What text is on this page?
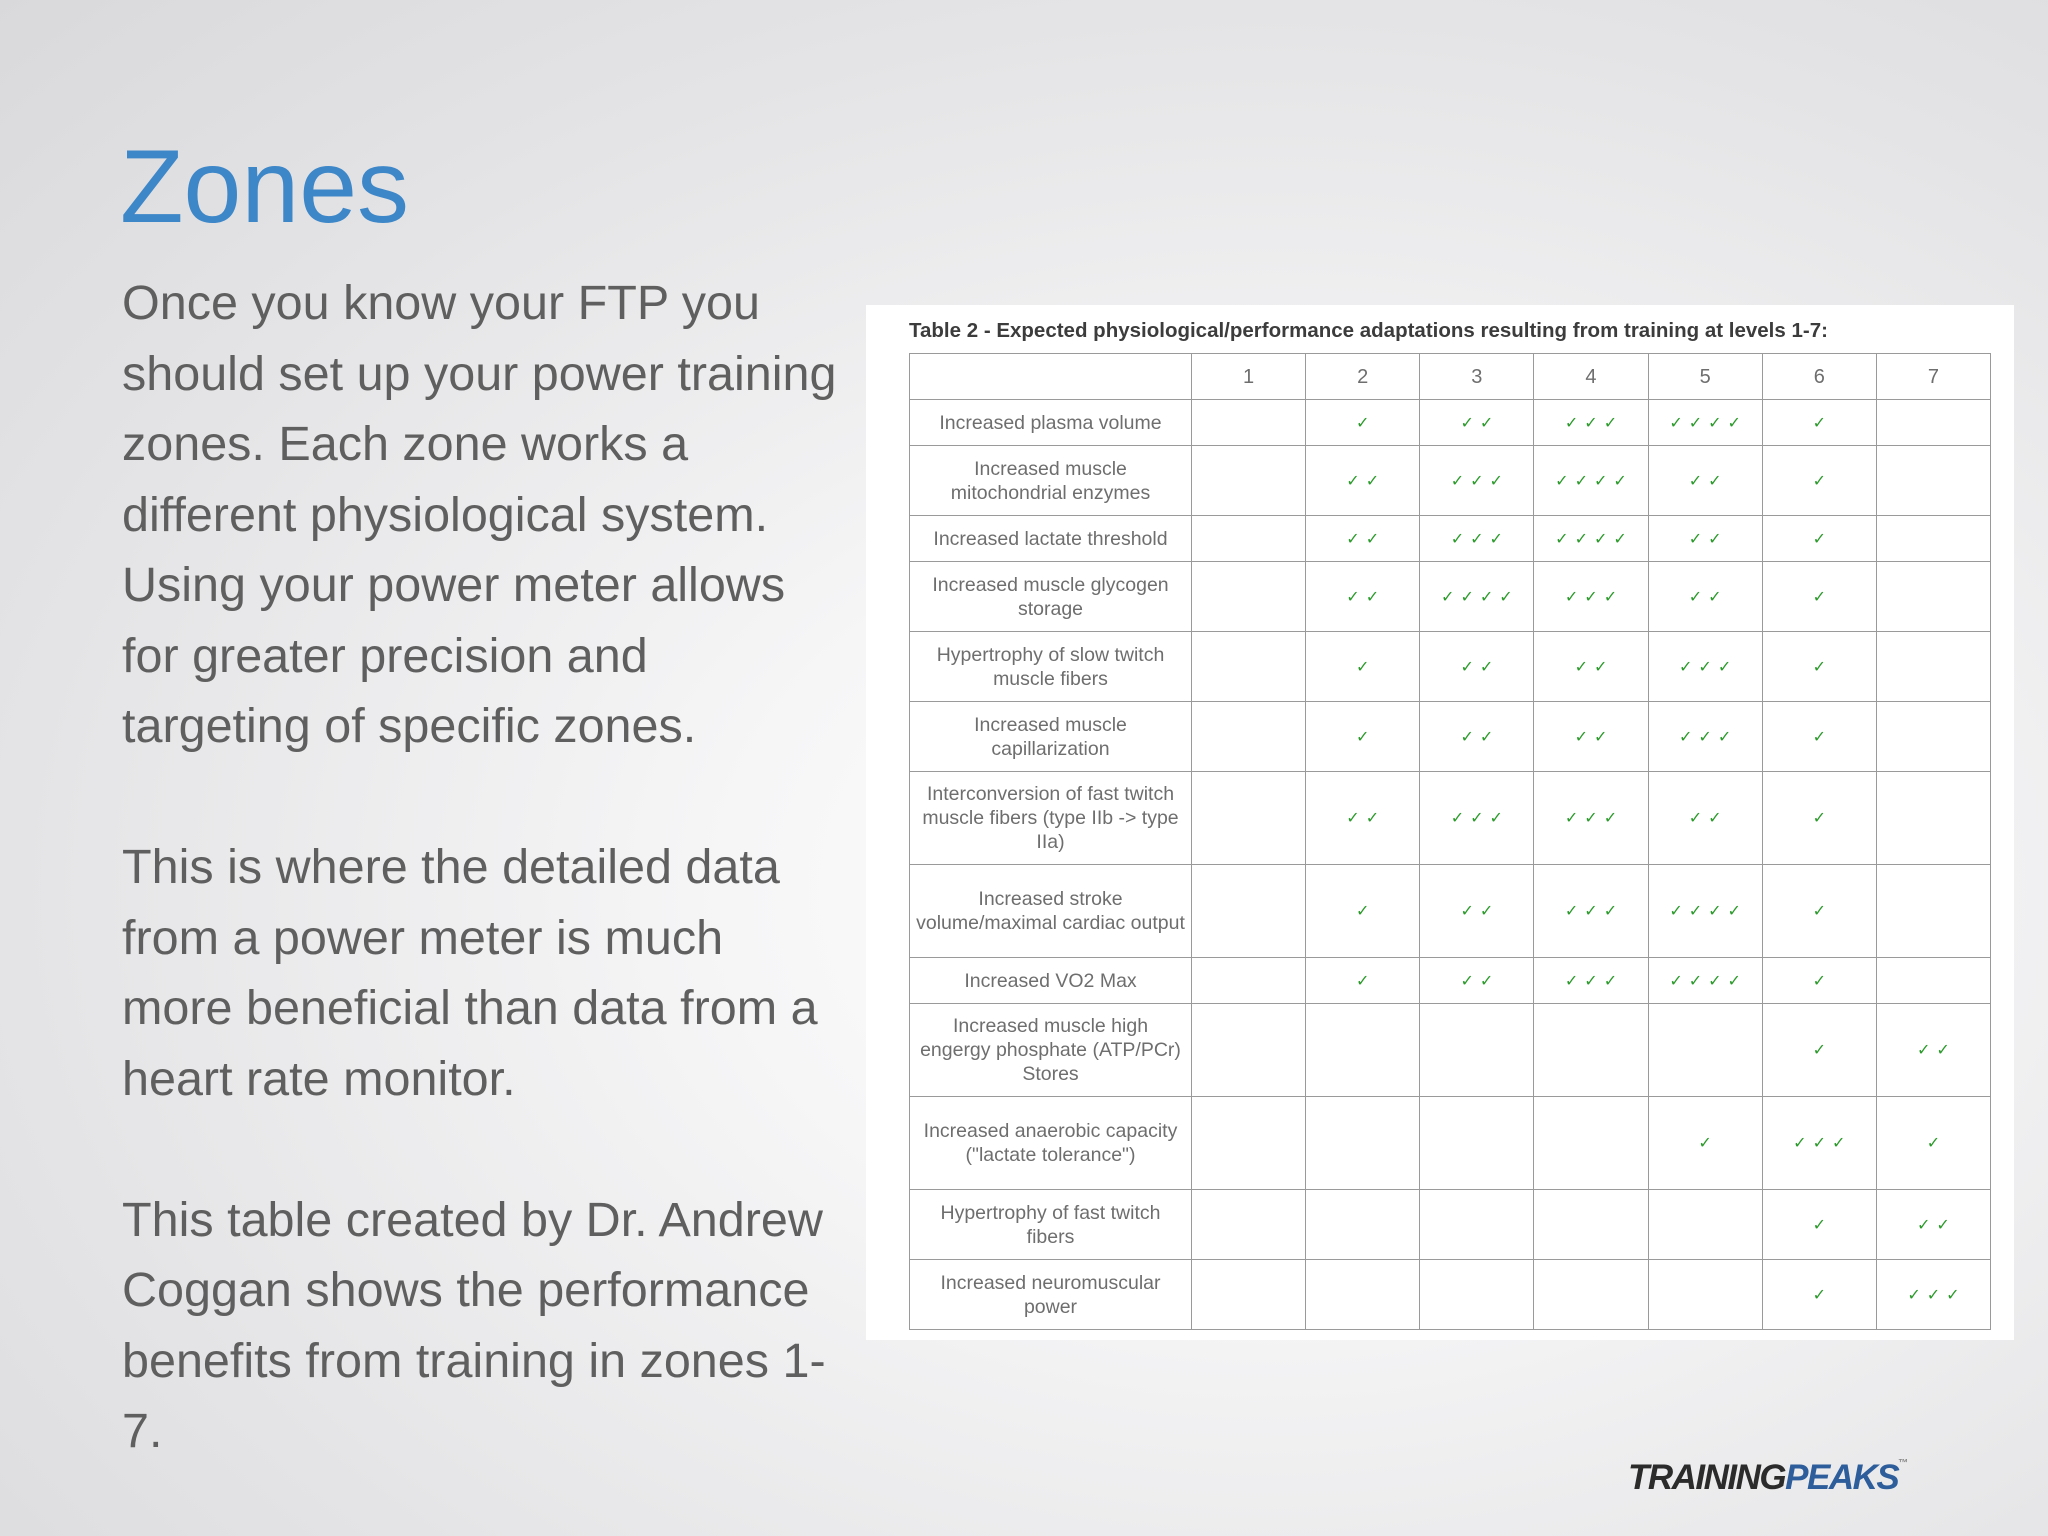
Zones

Once you know your FTP you should set up your power training zones. Each zone works a different physiological system. Using your power meter allows for greater precision and targeting of specific zones.

This is where the detailed data from a power meter is much more beneficial than data from a heart rate monitor.

This table created by Dr. Andrew Coggan shows the performance benefits from training in zones 1-7.

Table 2 - Expected physiological/performance adaptations resulting from training at levels 1-7:
	1	2	3	4	5	6	7
Increased plasma volume		✓	✓✓	✓✓✓	✓✓✓✓	✓	
Increased muscle mitochondrial enzymes		✓✓	✓✓✓	✓✓✓✓	✓✓	✓	
Increased lactate threshold		✓✓	✓✓✓	✓✓✓✓	✓✓	✓	
Increased muscle glycogen storage		✓✓	✓✓✓✓	✓✓✓	✓✓	✓	
Hypertrophy of slow twitch muscle fibers		✓	✓✓	✓✓	✓✓✓	✓	
Increased muscle capillarization		✓	✓✓	✓✓	✓✓✓	✓	
Interconversion of fast twitch muscle fibers (type IIb -> type IIa)		✓✓	✓✓✓	✓✓✓	✓✓	✓	
Increased stroke volume/maximal cardiac output		✓	✓✓	✓✓✓	✓✓✓✓	✓	
Increased VO2 Max		✓	✓✓	✓✓✓	✓✓✓✓	✓	
Increased muscle high engergy phosphate (ATP/PCr) Stores						✓	✓✓
Increased anaerobic capacity ("lactate tolerance")					✓	✓✓✓	✓
Hypertrophy of fast twitch fibers						✓	✓✓
Increased neuromuscular power						✓	✓✓✓
TRAININGPEAKS™
